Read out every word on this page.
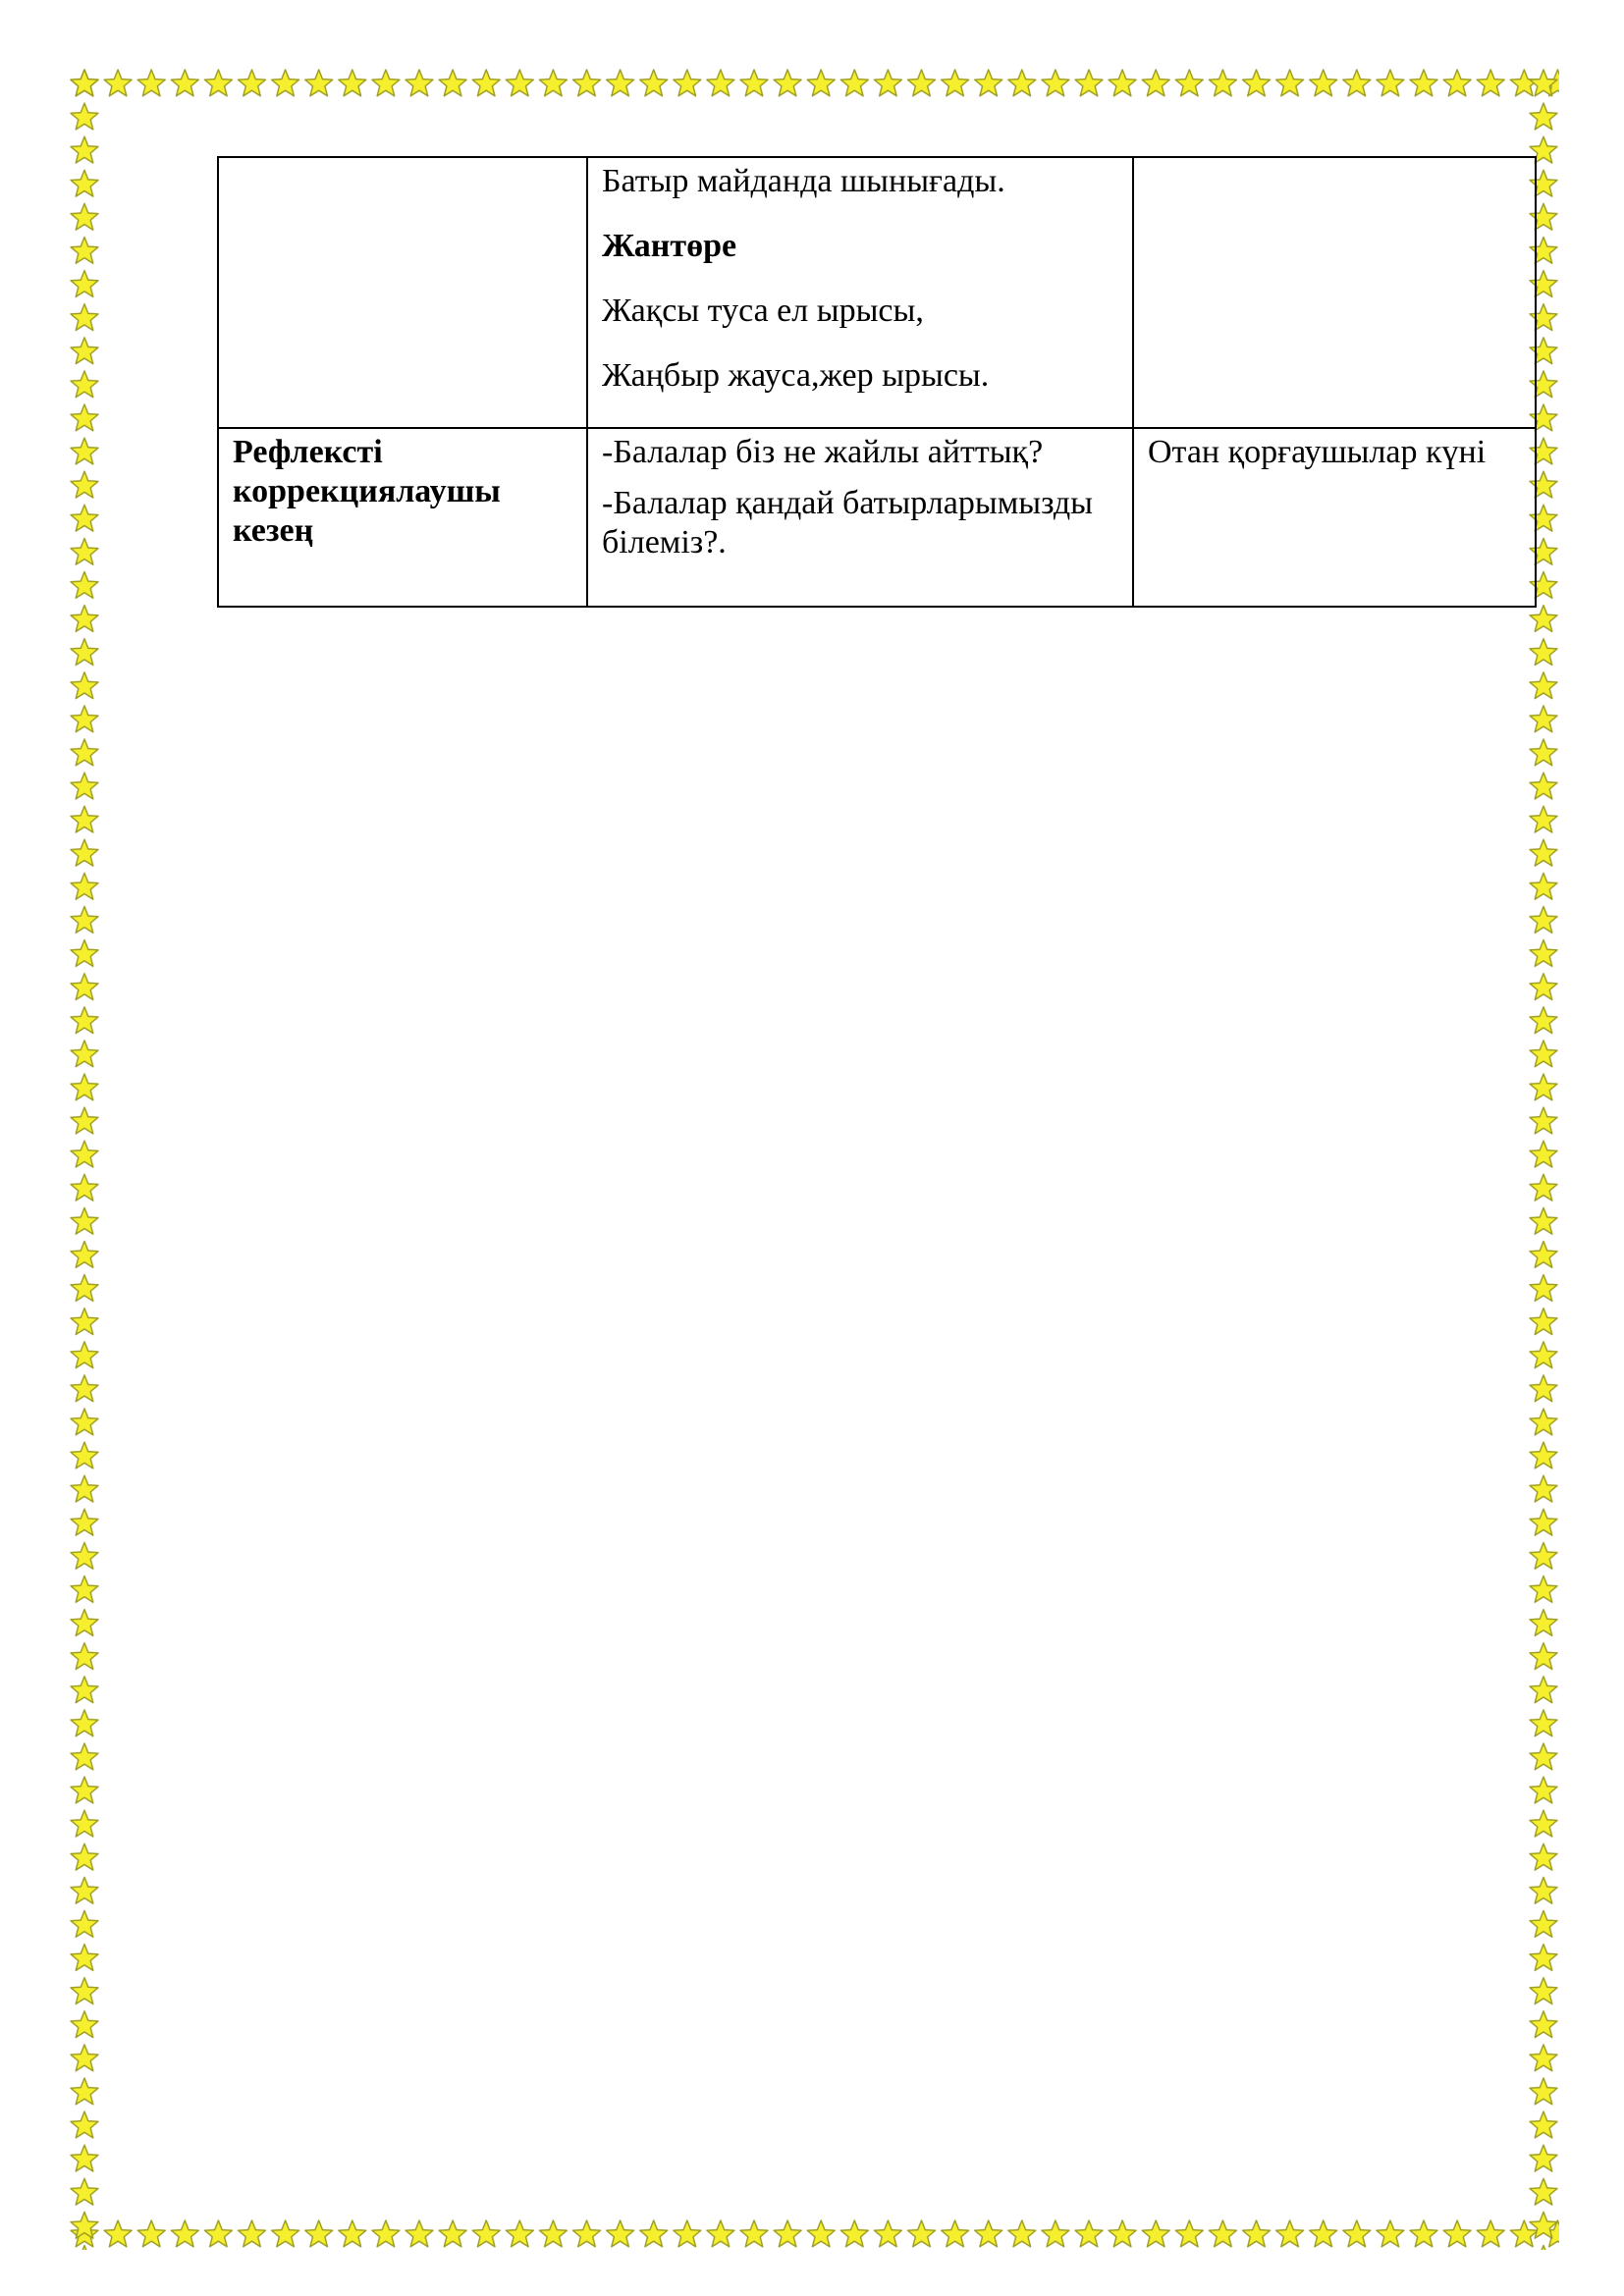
	Батыр майданда шынығады.
Жантөре
Жақсы туса ел ырысы,
Жаңбыр жауса,жер ырысы.	

Рефлексті коррекциялаушы кезең	-Балалар біз не жайлы айттық?
-Балалар қандай батырларымызды білеміз?.	Отан қорғаушылар күні
